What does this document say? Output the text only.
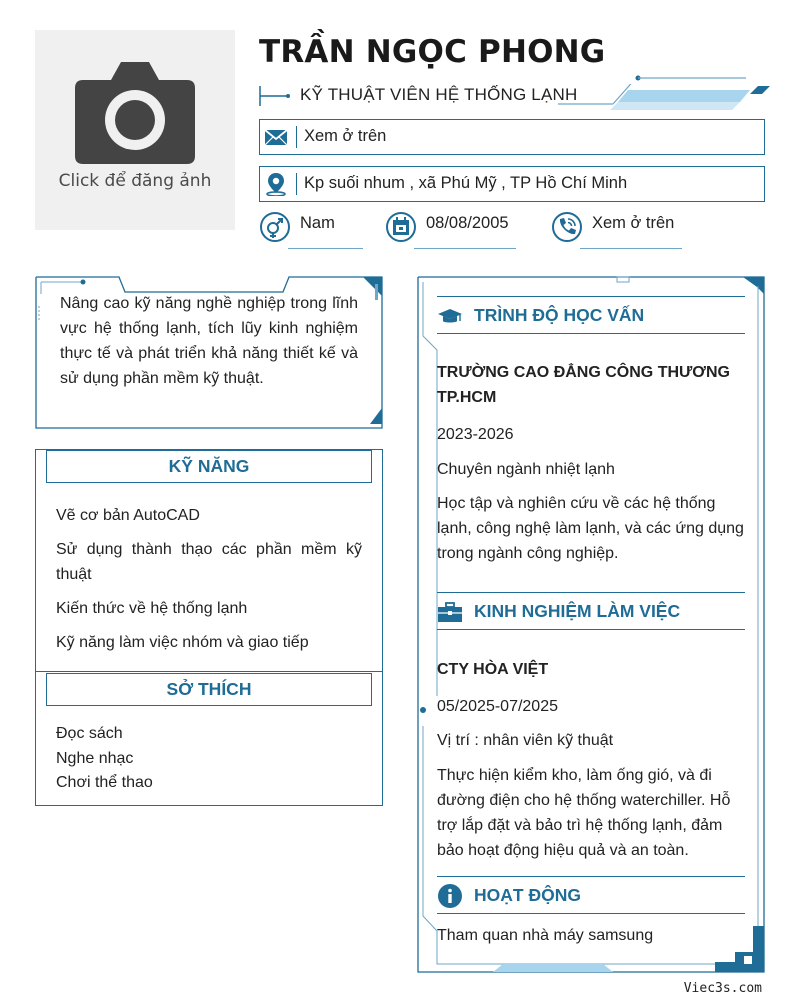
Click để đăng ảnh
TRẦN NGỌC PHONG
KỸ THUẬT VIÊN HỆ THỐNG LẠNH
Xem ở trên
Kp suối nhum , xã Phú Mỹ , TP Hồ Chí Minh
Nam	08/08/2005	Xem ở trên
Nâng cao kỹ năng nghề nghiệp trong lĩnh vực hệ thống lạnh, tích lũy kinh nghiệm thực tế và phát triển khả năng thiết kế và sử dụng phần mềm kỹ thuật.
KỸ NĂNG
Vẽ cơ bản AutoCAD
Sử dụng thành thạo các phần mềm kỹ thuật
Kiến thức về hệ thống lạnh
Kỹ năng làm việc nhóm và giao tiếp
SỞ THÍCH
Đọc sách
Nghe nhạc
Chơi thể thao
TRÌNH ĐỘ HỌC VẤN
TRƯỜNG CAO ĐẲNG CÔNG THƯƠNG TP.HCM
2023-2026
Chuyên ngành nhiệt lạnh
Học tập và nghiên cứu về các hệ thống lạnh, công nghệ làm lạnh, và các ứng dụng trong ngành công nghiệp.
KINH NGHIỆM LÀM VIỆC
CTY HÒA VIỆT
05/2025-07/2025
Vị trí : nhân viên kỹ thuật
Thực hiện kiểm kho, làm ống gió, và đi đường điện cho hệ thống waterchiller. Hỗ trợ lắp đặt và bảo trì hệ thống lạnh, đảm bảo hoạt động hiệu quả và an toàn.
HOẠT ĐỘNG
Tham quan nhà máy samsung
Viec3s.com
